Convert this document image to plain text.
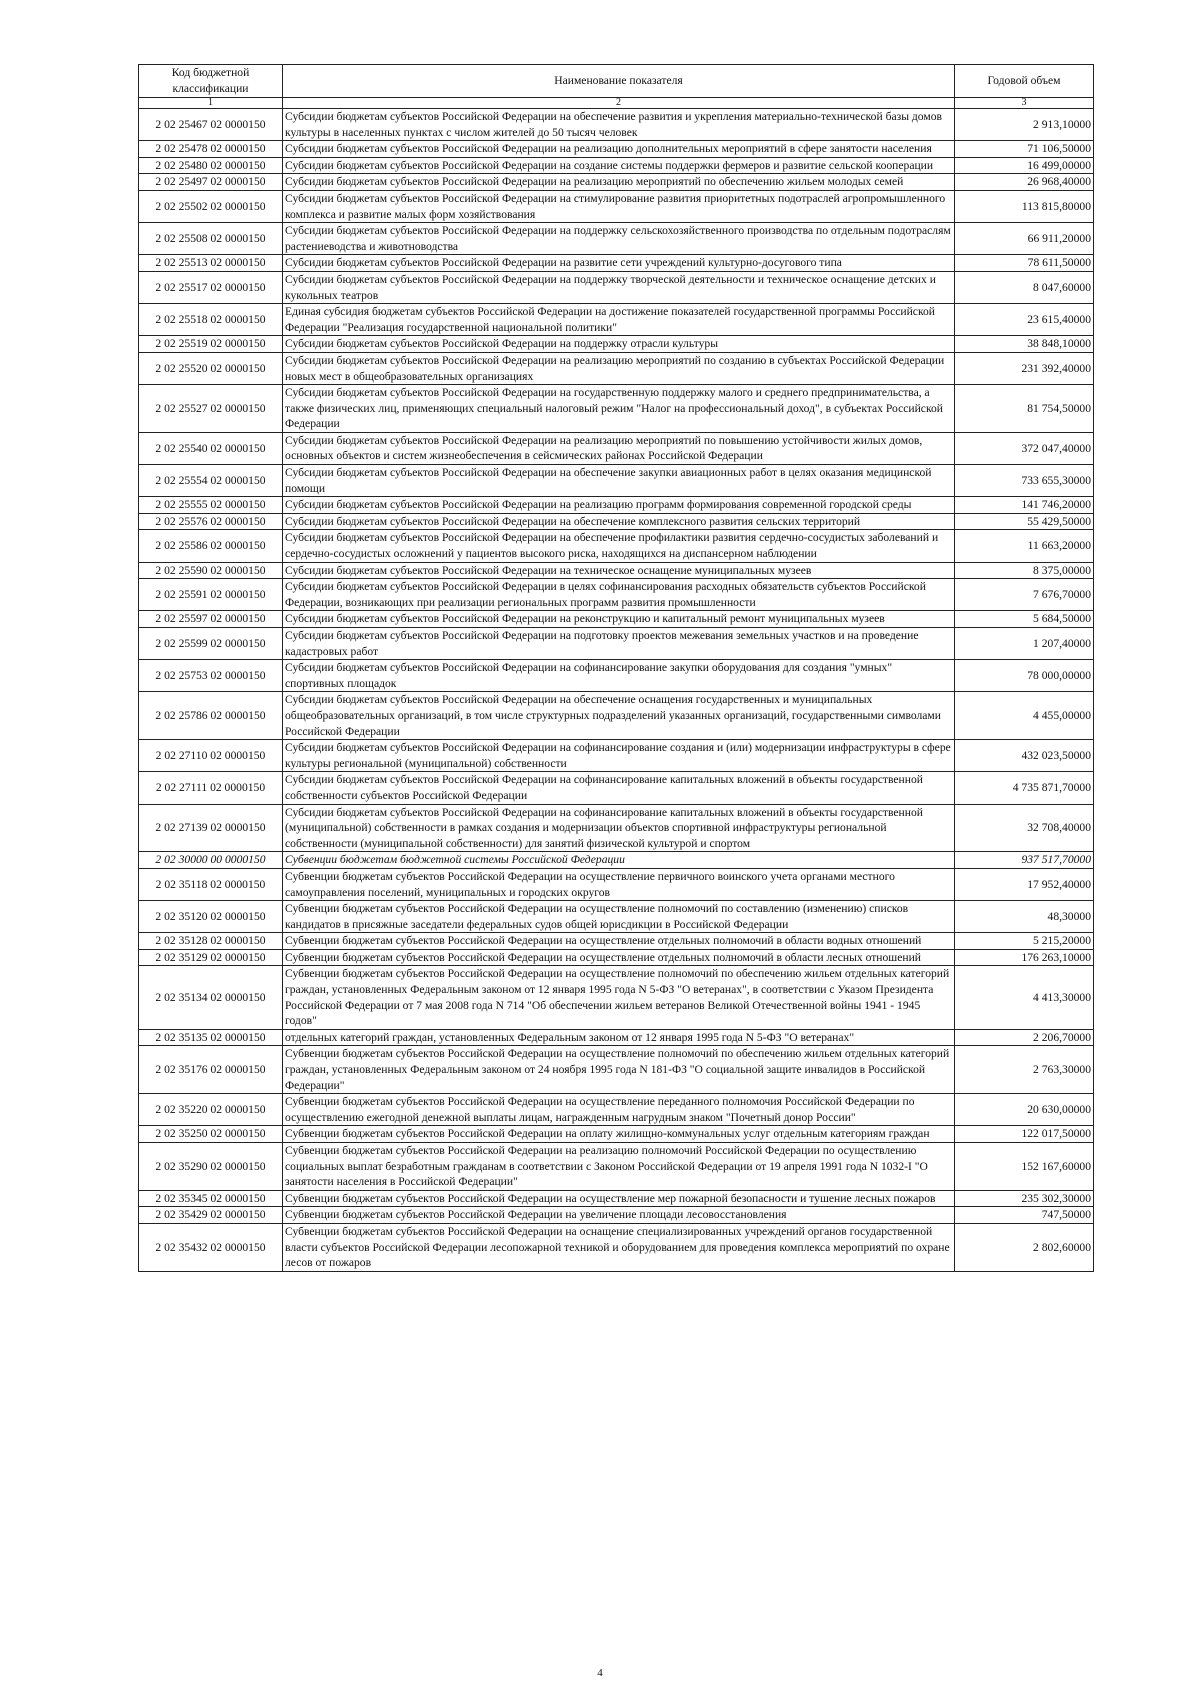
Код бюджетной классификации	Наименование показателя	Годовой объем
1	2	3
2 02 25467 02 0000150	Субсидии бюджетам субъектов Российской Федерации на обеспечение развития и укрепления материально-технической базы домов культуры в населенных пунктах с числом жителей до 50 тысяч человек	2 913,10000
2 02 25478 02 0000150	Субсидии бюджетам субъектов Российской Федерации на реализацию дополнительных мероприятий в сфере занятости населения	71 106,50000
2 02 25480 02 0000150	Субсидии бюджетам субъектов Российской Федерации на создание системы поддержки фермеров и развитие сельской кооперации	16 499,00000
2 02 25497 02 0000150	Субсидии бюджетам субъектов Российской Федерации на реализацию мероприятий по обеспечению жильем молодых семей	26 968,40000
2 02 25502 02 0000150	Субсидии бюджетам субъектов Российской Федерации на стимулирование развития приоритетных подотраслей агропромышленного комплекса и развитие малых форм хозяйствования	113 815,80000
2 02 25508 02 0000150	Субсидии бюджетам субъектов Российской Федерации на поддержку сельскохозяйственного производства по отдельным подотраслям растениеводства и животноводства	66 911,20000
2 02 25513 02 0000150	Субсидии бюджетам субъектов Российской Федерации на развитие сети учреждений культурно-досугового типа	78 611,50000
2 02 25517 02 0000150	Субсидии бюджетам субъектов Российской Федерации на поддержку творческой деятельности и техническое оснащение детских и кукольных театров	8 047,60000
2 02 25518 02 0000150	Единая субсидия бюджетам субъектов Российской Федерации на достижение показателей государственной программы Российской Федерации "Реализация государственной национальной политики"	23 615,40000
2 02 25519 02 0000150	Субсидии бюджетам субъектов Российской Федерации на поддержку отрасли культуры	38 848,10000
2 02 25520 02 0000150	Субсидии бюджетам субъектов Российской Федерации на реализацию мероприятий по созданию в субъектах Российской Федерации новых мест в общеобразовательных организациях	231 392,40000
2 02 25527 02 0000150	Субсидии бюджетам субъектов Российской Федерации на государственную поддержку малого и среднего предпринимательства, а также физических лиц, применяющих специальный налоговый режим "Налог на профессиональный доход", в субъектах Российской Федерации	81 754,50000
2 02 25540 02 0000150	Субсидии бюджетам субъектов Российской Федерации на реализацию мероприятий по повышению устойчивости жилых домов, основных объектов и систем жизнеобеспечения в сейсмических районах Российской Федерации	372 047,40000
2 02 25554 02 0000150	Субсидии бюджетам субъектов Российской Федерации на обеспечение закупки авиационных работ в целях оказания медицинской помощи	733 655,30000
2 02 25555 02 0000150	Субсидии бюджетам субъектов Российской Федерации на реализацию программ формирования современной городской среды	141 746,20000
2 02 25576 02 0000150	Субсидии бюджетам субъектов Российской Федерации на обеспечение комплексного развития сельских территорий	55 429,50000
2 02 25586 02 0000150	Субсидии бюджетам субъектов Российской Федерации на обеспечение профилактики развития сердечно-сосудистых заболеваний и сердечно-сосудистых осложнений у пациентов высокого риска, находящихся на диспансерном наблюдении	11 663,20000
2 02 25590 02 0000150	Субсидии бюджетам субъектов Российской Федерации на техническое оснащение муниципальных музеев	8 375,00000
2 02 25591 02 0000150	Субсидии бюджетам субъектов Российской Федерации в целях софинансирования расходных обязательств субъектов Российской Федерации, возникающих при реализации региональных программ развития промышленности	7 676,70000
2 02 25597 02 0000150	Субсидии бюджетам субъектов Российской Федерации на реконструкцию и капитальный ремонт муниципальных музеев	5 684,50000
2 02 25599 02 0000150	Субсидии бюджетам субъектов Российской Федерации на подготовку проектов межевания земельных участков и на проведение кадастровых работ	1 207,40000
2 02 25753 02 0000150	Субсидии бюджетам субъектов Российской Федерации на софинансирование закупки оборудования для создания "умных" спортивных площадок	78 000,00000
2 02 25786 02 0000150	Субсидии бюджетам субъектов Российской Федерации на обеспечение оснащения государственных и муниципальных общеобразовательных организаций, в том числе структурных подразделений указанных организаций, государственными символами Российской Федерации	4 455,00000
2 02 27110 02 0000150	Субсидии бюджетам субъектов Российской Федерации на софинансирование создания и (или) модернизации инфраструктуры в сфере культуры региональной (муниципальной) собственности	432 023,50000
2 02 27111 02 0000150	Субсидии бюджетам субъектов Российской Федерации на софинансирование капитальных вложений в объекты государственной собственности субъектов Российской Федерации	4 735 871,70000
2 02 27139 02 0000150	Субсидии бюджетам субъектов Российской Федерации на софинансирование капитальных вложений в объекты государственной (муниципальной) собственности в рамках создания и модернизации объектов спортивной инфраструктуры региональной собственности (муниципальной собственности) для занятий физической культурой и спортом	32 708,40000
2 02 30000 00 0000150	Субвенции бюджетам бюджетной системы Российской Федерации	937 517,70000
2 02 35118 02 0000150	Субвенции бюджетам субъектов Российской Федерации на осуществление первичного воинского учета органами местного самоуправления поселений, муниципальных и городских округов	17 952,40000
2 02 35120 02 0000150	Субвенции бюджетам субъектов Российской Федерации на осуществление полномочий по составлению (изменению) списков кандидатов в присяжные заседатели федеральных судов общей юрисдикции в Российской Федерации	48,30000
2 02 35128 02 0000150	Субвенции бюджетам субъектов Российской Федерации на осуществление отдельных полномочий в области водных отношений	5 215,20000
2 02 35129 02 0000150	Субвенции бюджетам субъектов Российской Федерации на осуществление отдельных полномочий в области лесных отношений	176 263,10000
2 02 35134 02 0000150	Субвенции бюджетам субъектов Российской Федерации на осуществление полномочий по обеспечению жильем отдельных категорий граждан, установленных Федеральным законом от 12 января 1995 года N 5-ФЗ "О ветеранах", в соответствии с Указом Президента Российской Федерации от 7 мая 2008 года N 714 "Об обеспечении жильем ветеранов Великой Отечественной войны 1941 - 1945 годов"	4 413,30000
2 02 35135 02 0000150	отдельных категорий граждан, установленных Федеральным законом от 12 января 1995 года N 5-ФЗ "О ветеранах"	2 206,70000
2 02 35176 02 0000150	Субвенции бюджетам субъектов Российской Федерации на осуществление полномочий по обеспечению жильем отдельных категорий граждан, установленных Федеральным законом от 24 ноября 1995 года N 181-ФЗ "О социальной защите инвалидов в Российской Федерации"	2 763,30000
2 02 35220 02 0000150	Субвенции бюджетам субъектов Российской Федерации на осуществление переданного полномочия Российской Федерации по осуществлению ежегодной денежной выплаты лицам, награжденным нагрудным знаком "Почетный донор России"	20 630,00000
2 02 35250 02 0000150	Субвенции бюджетам субъектов Российской Федерации на оплату жилищно-коммунальных услуг отдельным категориям граждан	122 017,50000
2 02 35290 02 0000150	Субвенции бюджетам субъектов Российской Федерации на реализацию полномочий Российской Федерации по осуществлению социальных выплат безработным гражданам в соответствии с Законом Российской Федерации от 19 апреля 1991 года N 1032-I "О занятости населения в Российской Федерации"	152 167,60000
2 02 35345 02 0000150	Субвенции бюджетам субъектов Российской Федерации на осуществление мер пожарной безопасности и тушение лесных пожаров	235 302,30000
2 02 35429 02 0000150	Субвенции бюджетам субъектов Российской Федерации на увеличение площади лесовосстановления	747,50000
2 02 35432 02 0000150	Субвенции бюджетам субъектов Российской Федерации на оснащение специализированных учреждений органов государственной власти субъектов Российской Федерации лесопожарной техникой и оборудованием для проведения комплекса мероприятий по охране лесов от пожаров	2 802,60000
4
